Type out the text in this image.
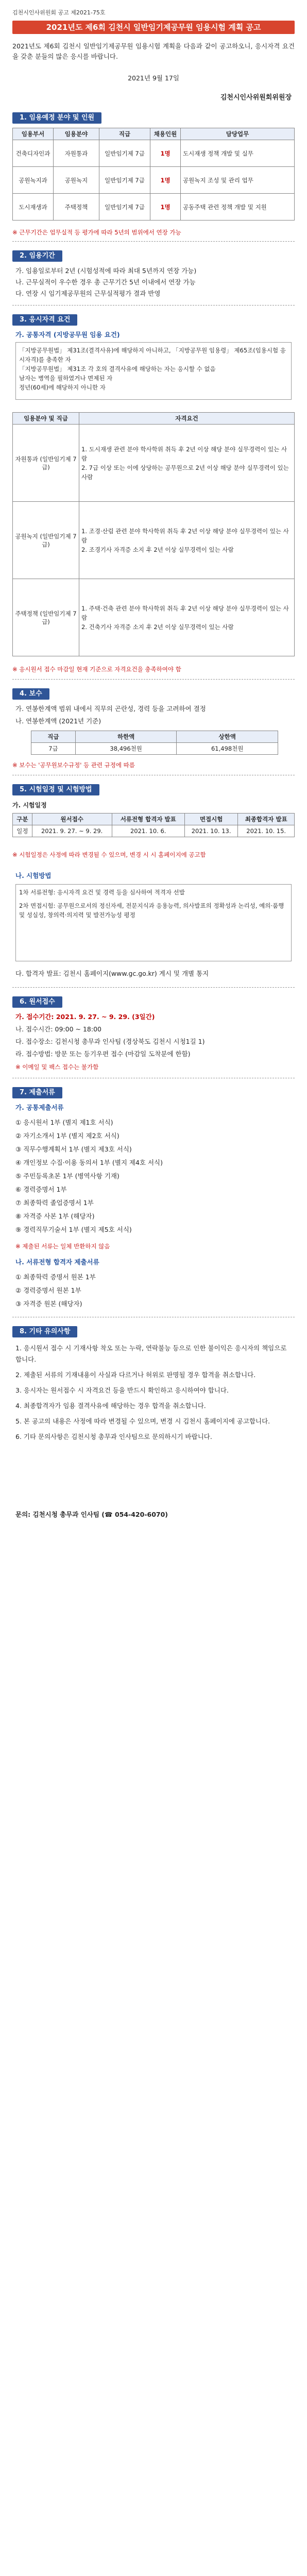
김천시인사위원회 공고 제2021-75호
2021년도 제6회 김천시 일반임기제공무원 임용시험 계획 공고
2021년도 제6회 김천시 일반임기제공무원 임용시험 계획을 다음과 같이 공고하오니, 응시자격 요건을 갖춘 분들의 많은 응시를 바랍니다.
2021년 9월 17일
김천시인사위원회위원장
1. 임용예정 분야 및 인원
임용부서	임용분야	직급	채용인원	담당업무
건축디자인과	자원통과	일반임기제 7급	1명	도시재생 정책 개발 및 실무
공원녹지과	공원녹지	일반임기제 7급	1명	공원녹지 조성 및 관리 업무
도시재생과	주택정책	일반임기제 7급	1명	공동주택 관련 정책 개발 및 지원
※ 근무기간은 업무실적 등 평가에 따라 5년의 범위에서 연장 가능
2. 임용기간
가. 임용일로부터 2년 (시험성적에 따라 최대 5년까지 연장 가능)
나. 근무실적이 우수한 경우 총 근무기간 5년 이내에서 연장 가능
다. 연장 시 임기제공무원의 근무실적평가 결과 반영
3. 응시자격 요건
가. 공통자격 (지방공무원 임용 요건)
「지방공무원법」 제31조(결격사유)에 해당하지 아니하고, 「지방공무원 임용령」 제65조(임용시험 응시자격)를 충족한 자
「지방공무원법」 제31조 각 호의 결격사유에 해당하는 자는 응시할 수 없음
남자는 병역을 필하였거나 면제된 자
정년(60세)에 해당하지 아니한 자
임용분야 및 직급	자격요건
자원통과 (일반임기제 7급)	1. 도시재생 관련 분야 학사학위 취득 후 2년 이상 해당 분야 실무경력이 있는 사람
2. 7급 이상 또는 이에 상당하는 공무원으로 2년 이상 해당 분야 실무경력이 있는 사람
공원녹지 (일반임기제 7급)	1. 조경·산림 관련 분야 학사학위 취득 후 2년 이상 해당 분야 실무경력이 있는 사람
2. 조경기사 자격증 소지 후 2년 이상 실무경력이 있는 사람
주택정책 (일반임기제 7급)	1. 주택·건축 관련 분야 학사학위 취득 후 2년 이상 해당 분야 실무경력이 있는 사람
2. 건축기사 자격증 소지 후 2년 이상 실무경력이 있는 사람
※ 응시원서 접수 마감일 현재 기준으로 자격요건을 충족하여야 함
4. 보수
가. 연봉한계액 범위 내에서 직무의 곤란성, 경력 등을 고려하여 결정
나. 연봉한계액 (2021년 기준)
직급	하한액	상한액
7급	38,496천원	61,498천원
※ 보수는 '공무원보수규정' 등 관련 규정에 따름
5. 시험일정 및 시험방법
가. 시험일정
구분	원서접수	서류전형 합격자 발표	면접시험	최종합격자 발표
일정	2021. 9. 27. ~ 9. 29.	2021. 10. 6.	2021. 10. 13.	2021. 10. 15.
※ 시험일정은 사정에 따라 변경될 수 있으며, 변경 시 시 홈페이지에 공고함
나. 시험방법
1차 서류전형: 응시자격 요건 및 경력 등을 심사하여 적격자 선발
2차 면접시험: 공무원으로서의 정신자세, 전문지식과 응용능력, 의사발표의 정확성과 논리성, 예의·품행 및 성실성, 창의력·의지력 및 발전가능성 평정
다. 합격자 발표: 김천시 홈페이지(www.gc.go.kr) 게시 및 개별 통지
6. 원서접수
가. 접수기간: 2021. 9. 27. ~ 9. 29. (3일간)
나. 접수시간: 09:00 ~ 18:00
다. 접수장소: 김천시청 총무과 인사팀 (경상북도 김천시 시청1길 1)
라. 접수방법: 방문 또는 등기우편 접수 (마감일 도착분에 한함)
※ 이메일 및 팩스 접수는 불가함
7. 제출서류
가. 공통제출서류
① 응시원서 1부 (별지 제1호 서식)
② 자기소개서 1부 (별지 제2호 서식)
③ 직무수행계획서 1부 (별지 제3호 서식)
④ 개인정보 수집·이용 동의서 1부 (별지 제4호 서식)
⑤ 주민등록초본 1부 (병역사항 기재)
⑥ 경력증명서 1부
⑦ 최종학력 졸업증명서 1부
⑧ 자격증 사본 1부 (해당자)
⑨ 경력직무기술서 1부 (별지 제5호 서식)
※ 제출된 서류는 일체 반환하지 않음
나. 서류전형 합격자 제출서류
① 최종학력 증명서 원본 1부
② 경력증명서 원본 1부
③ 자격증 원본 (해당자)
8. 기타 유의사항
1. 응시원서 접수 시 기재사항 착오 또는 누락, 연락불능 등으로 인한 불이익은 응시자의 책임으로 합니다.
2. 제출된 서류의 기재내용이 사실과 다르거나 허위로 판명될 경우 합격을 취소합니다.
3. 응시자는 원서접수 시 자격요건 등을 반드시 확인하고 응시하여야 합니다.
4. 최종합격자가 임용 결격사유에 해당하는 경우 합격을 취소합니다.
5. 본 공고의 내용은 사정에 따라 변경될 수 있으며, 변경 시 김천시 홈페이지에 공고합니다.
6. 기타 문의사항은 김천시청 총무과 인사팀으로 문의하시기 바랍니다.
문의: 김천시청 총무과 인사팀 (☎ 054-420-6070)
